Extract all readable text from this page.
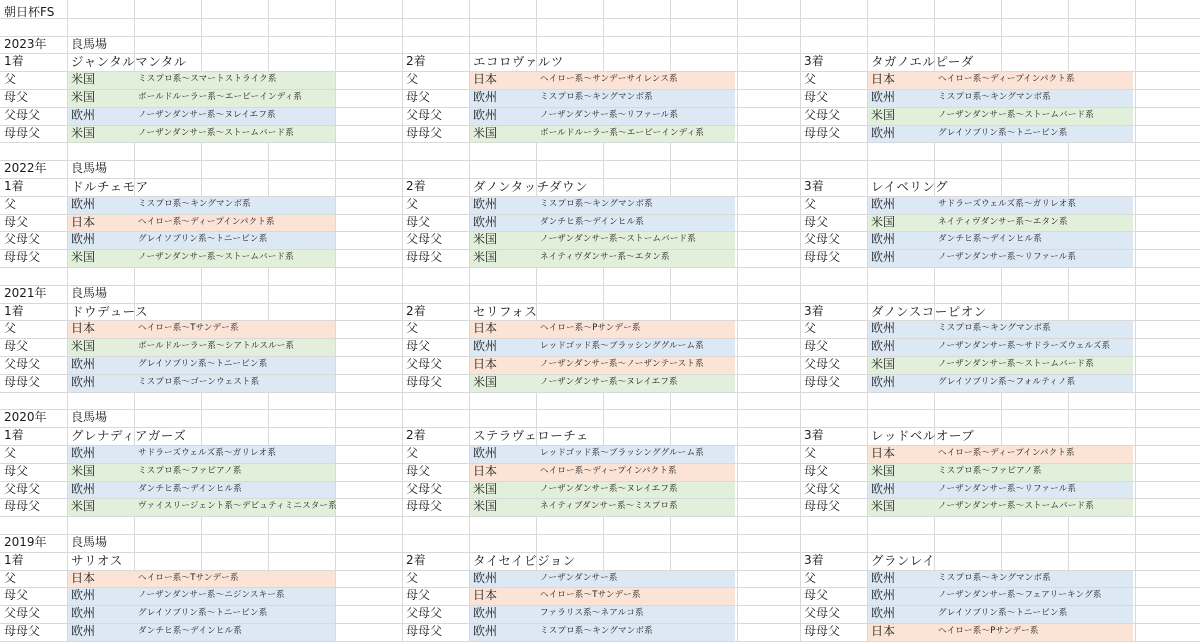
朝日杯FS
2023年 良馬場
1着	ジャンタルマンタル
父	米国	ミスプロ系～スマートストライク系
母父	米国	ボールドルーラー系～エーピーインディ系
父母父	欧州	ノーザンダンサー系～ヌレイエフ系
母母父	米国	ノーザンダンサー系～ストームバード系
2着	エコロヴァルツ
父	日本	ヘイロー系～サンデーサイレンス系
母父	欧州	ミスプロ系～キングマンボ系
父母父	欧州	ノーザンダンサー系～リファール系
母母父	米国	ボールドルーラー系～エーピーインディ系
3着	タガノエルピーダ
父	日本	ヘイロー系～ディープインパクト系
母父	欧州	ミスプロ系～キングマンボ系
父母父	米国	ノーザンダンサー系～ストームバード系
母母父	欧州	グレイソブリン系～トニービン系
2022年 良馬場
1着	ドルチェモア
父	欧州	ミスプロ系～キングマンボ系
母父	日本	ヘイロー系～ディープインパクト系
父母父	欧州	グレイソブリン系～トニービン系
母母父	米国	ノーザンダンサー系～ストームバード系
2着	ダノンタッチダウン
父	欧州	ミスプロ系～キングマンボ系
母父	欧州	ダンチヒ系～デインヒル系
父母父	米国	ノーザンダンサー系～ストームバード系
母母父	米国	ネイティヴダンサー系～エタン系
3着	レイベリング
父	欧州	サドラーズウェルズ系～ガリレオ系
母父	米国	ネイティヴダンサー系～エタン系
父母父	欧州	ダンチヒ系～デインヒル系
母母父	欧州	ノーザンダンサー系～リファール系
2021年 良馬場
1着	ドウデュース
父	日本	ヘイロー系～Tサンデー系
母父	米国	ボールドルーラー系～シアトルスルー系
父母父	欧州	グレイソブリン系～トニービン系
母母父	欧州	ミスプロ系～ゴーンウェスト系
2着	セリフォス
父	日本	ヘイロー系～Pサンデー系
母父	欧州	レッドゴッド系～ブラッシンググルーム系
父母父	日本	ノーザンダンサー系～ノーザンテースト系
母母父	米国	ノーザンダンサー系～ヌレイエフ系
3着	ダノンスコーピオン
父	欧州	ミスプロ系～キングマンボ系
母父	欧州	ノーザンダンサー系～サドラーズウェルズ系
父母父	米国	ノーザンダンサー系～ストームバード系
母母父	欧州	グレイソブリン系～フォルティノ系
2020年 良馬場
1着	グレナディアガーズ
父	欧州	サドラーズウェルズ系～ガリレオ系
母父	米国	ミスプロ系～ファピアノ系
父母父	欧州	ダンチヒ系～デインヒル系
母母父	米国	ヴァイスリージェント系～デピュティミニスター系
2着	ステラヴェローチェ
父	欧州	レッドゴッド系～ブラッシンググルーム系
母父	日本	ヘイロー系～ディープインパクト系
父母父	米国	ノーザンダンサー系～ヌレイエフ系
母母父	米国	ネイティブダンサー系～ミスプロ系
3着	レッドベルオーブ
父	日本	ヘイロー系～ディープインパクト系
母父	米国	ミスプロ系～ファピアノ系
父母父	欧州	ノーザンダンサー系～リファール系
母母父	米国	ノーザンダンサー系～ストームバード系
2019年 良馬場
1着	サリオス
父	日本	ヘイロー系～Tサンデー系
母父	欧州	ノーザンダンサー系～ニジンスキー系
父母父	欧州	グレイソブリン系～トニービン系
母母父	欧州	ダンチヒ系～デインヒル系
2着	タイセイビジョン
父	欧州	ノーザンダンサー系
母父	日本	ヘイロー系～Tサンデー系
父母父	欧州	ファラリス系～ネアルコ系
母母父	欧州	ミスプロ系～キングマンボ系
3着	グランレイ
父	欧州	ミスプロ系～キングマンボ系
母父	欧州	ノーザンダンサー系～フェアリーキング系
父母父	欧州	グレイソブリン系～トニービン系
母母父	日本	ヘイロー系～Pサンデー系
